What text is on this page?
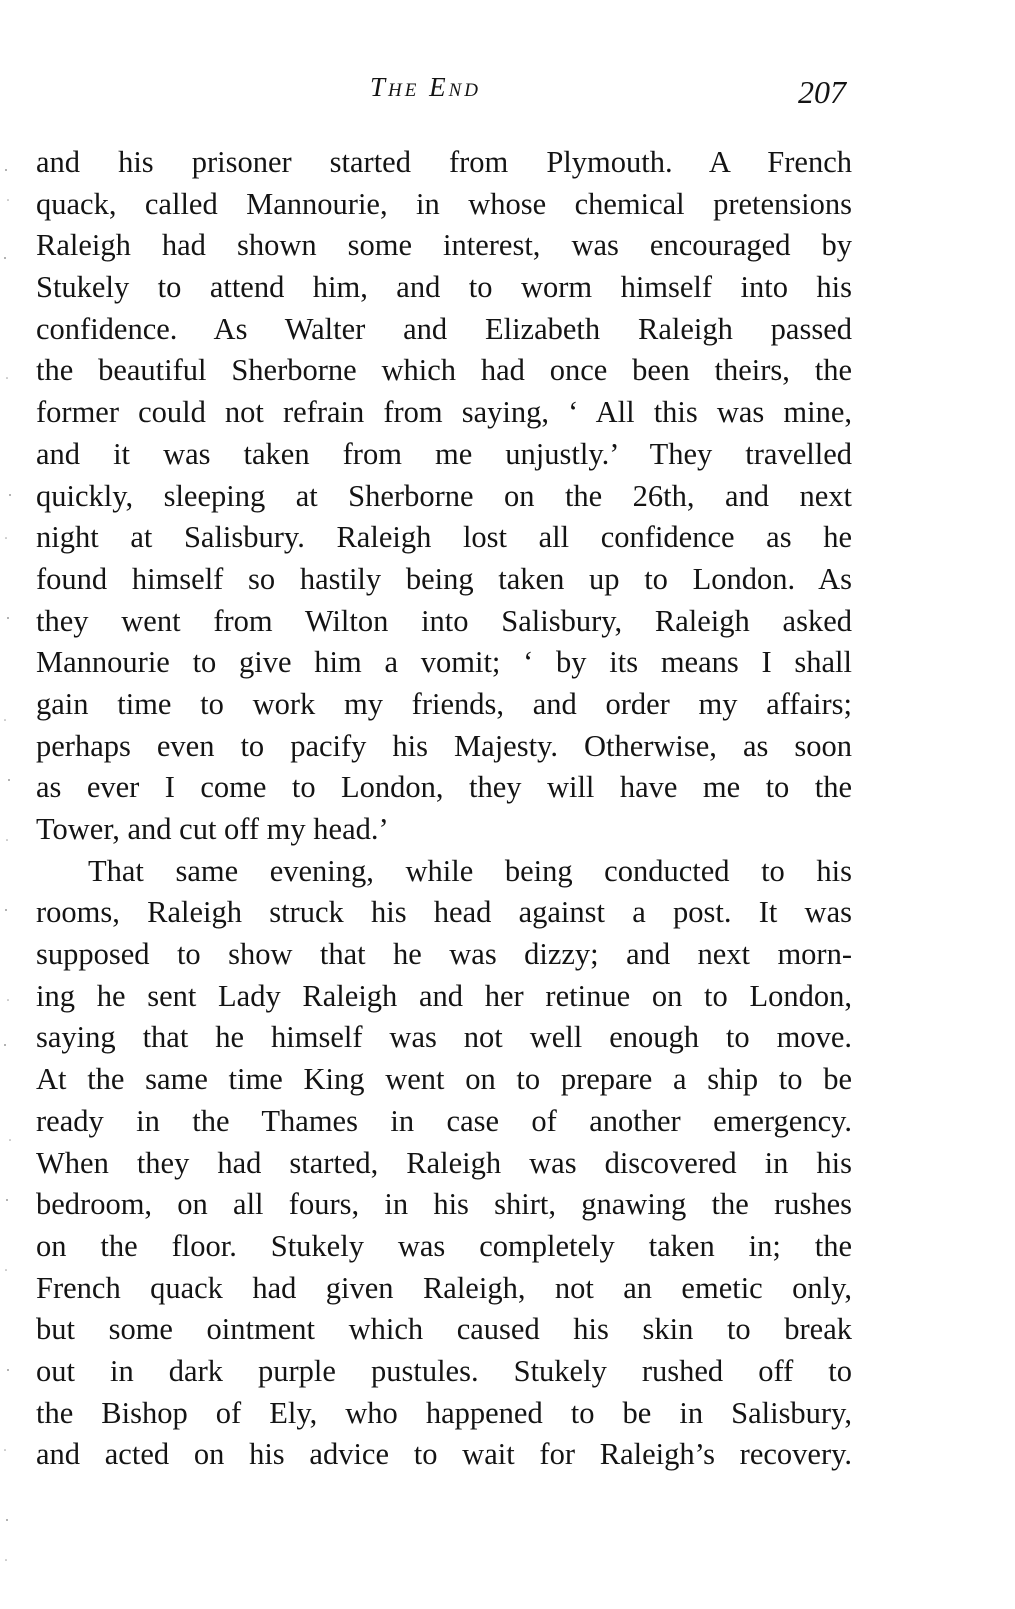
The End	207
and his prisoner started from Plymouth. A French
quack, called Mannourie, in whose chemical pretensions
Raleigh had shown some interest, was encouraged by
Stukely to attend him, and to worm himself into his
confidence. As Walter and Elizabeth Raleigh passed
the beautiful Sherborne which had once been theirs, the
former could not refrain from saying, ‘ All this was mine,
and it was taken from me unjustly.’ They travelled
quickly, sleeping at Sherborne on the 26th, and next
night at Salisbury. Raleigh lost all confidence as he
found himself so hastily being taken up to London. As
they went from Wilton into Salisbury, Raleigh asked
Mannourie to give him a vomit; ‘ by its means I shall
gain time to work my friends, and order my affairs;
perhaps even to pacify his Majesty. Otherwise, as soon
as ever I come to London, they will have me to the
Tower, and cut off my head.’
That same evening, while being conducted to his
rooms, Raleigh struck his head against a post. It was
supposed to show that he was dizzy; and next morn-
ing he sent Lady Raleigh and her retinue on to London,
saying that he himself was not well enough to move.
At the same time King went on to prepare a ship to be
ready in the Thames in case of another emergency.
When they had started, Raleigh was discovered in his
bedroom, on all fours, in his shirt, gnawing the rushes
on the floor. Stukely was completely taken in; the
French quack had given Raleigh, not an emetic only,
but some ointment which caused his skin to break
out in dark purple pustules. Stukely rushed off to
the Bishop of Ely, who happened to be in Salisbury,
and acted on his advice to wait for Raleigh’s recovery.
